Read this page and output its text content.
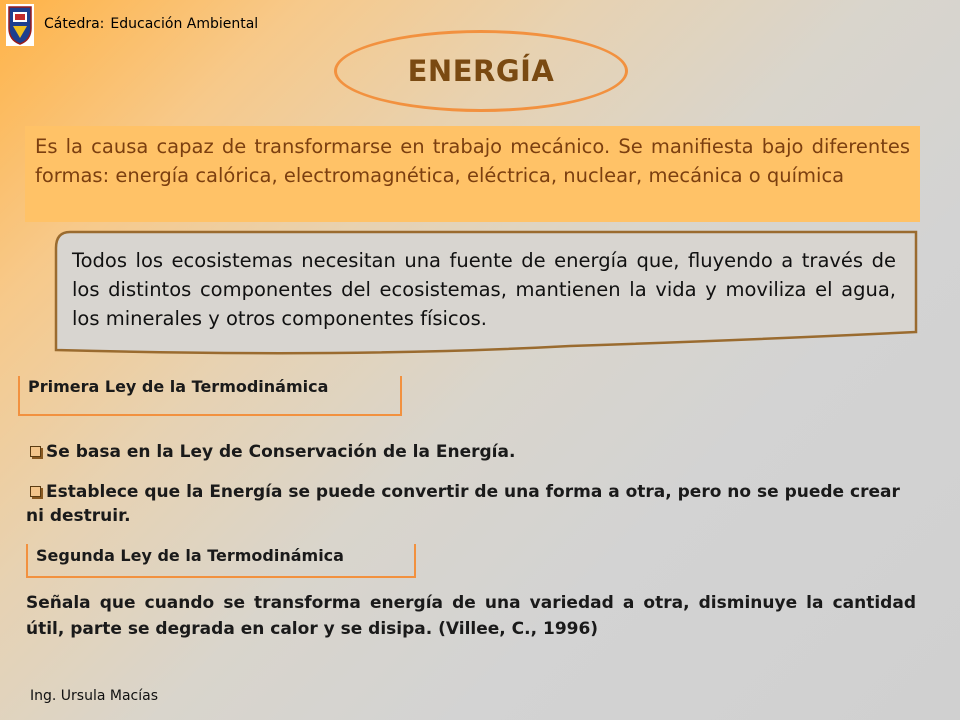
Cátedra: Educación Ambiental
ENERGÍA
Es la causa capaz de transformarse en trabajo mecánico. Se manifiesta bajo diferentes formas: energía calórica, electromagnética, eléctrica, nuclear, mecánica o química
Todos los ecosistemas necesitan una fuente de energía que, fluyendo a través de los distintos componentes del ecosistemas, mantienen la vida y moviliza el agua, los minerales y otros componentes físicos.
Primera Ley de la Termodinámica
Se basa en la Ley de Conservación de la Energía.
Establece que la Energía se puede convertir de una forma a otra, pero no se puede crear ni destruir.
Segunda Ley de la Termodinámica
Señala que cuando se transforma energía de una variedad a otra, disminuye la cantidad útil, parte se degrada en calor y se disipa. (Villee, C., 1996)
Ing. Ursula Macías
